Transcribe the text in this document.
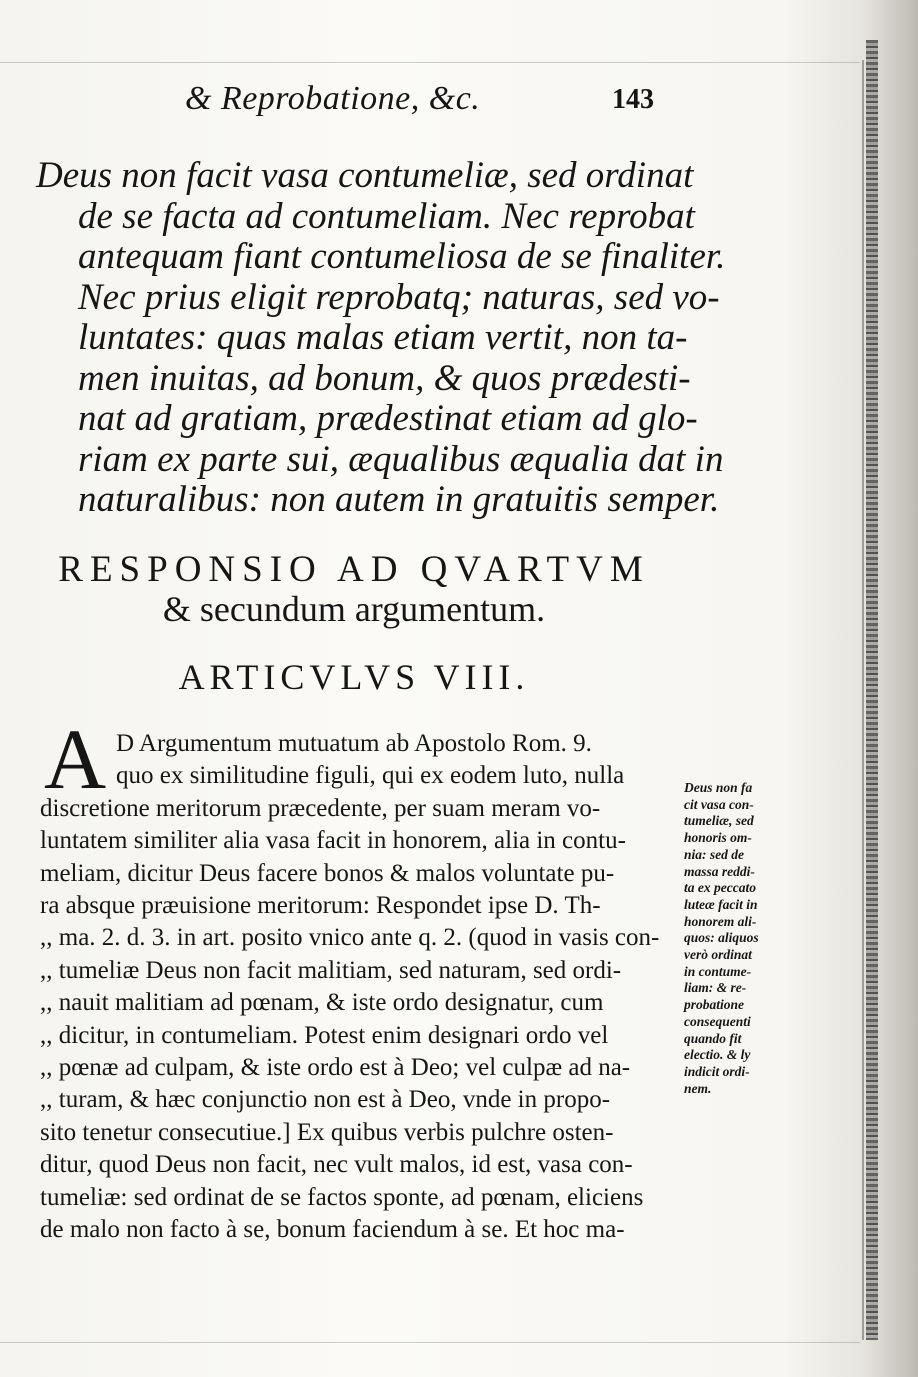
& Reprobatione, &c.	143
Deus non facit vasa contumeliæ, sed ordinat
de se facta ad contumeliam. Nec reprobat
antequam fiant contumeliosa de se finaliter.
Nec prius eligit reprobatq; naturas, sed vo-
luntates: quas malas etiam vertit, non ta-
men inuitas, ad bonum, & quos prædesti-
nat ad gratiam, prædestinat etiam ad glo-
riam ex parte sui, æqualibus æqualia dat in
naturalibus: non autem in gratuitis semper.
RESPONSIO AD QVARTVM
& secundum argumentum.
ARTICVLVS VIII.
A D Argumentum mutuatum ab Apostolo Rom. 9.
quo ex similitudine figuli, qui ex eodem luto, nulla
discretione meritorum præcedente, per suam meram vo-
luntatem similiter alia vasa facit in honorem, alia in contu-
meliam, dicitur Deus facere bonos & malos voluntate pu-
ra absque præuisione meritorum: Respondet ipse D. Th-
,, ma. 2. d. 3. in art. posito vnico ante q. 2. (quod in vasis con-
,, tumeliæ Deus non facit malitiam, sed naturam, sed ordi-
,, nauit malitiam ad pœnam, & iste ordo designatur, cum
,, dicitur, in contumeliam. Potest enim designari ordo vel
,, pœnæ ad culpam, & iste ordo est à Deo; vel culpæ ad na-
,, turam, & hæc conjunctio non est à Deo, vnde in propo-
sito tenetur consecutiue.] Ex quibus verbis pulchre osten-
ditur, quod Deus non facit, nec vult malos, id est, vasa con-
tumeliæ: sed ordinat de se factos sponte, ad pœnam, eliciens
de malo non facto à se, bonum faciendum à se. Et hoc ma-
Deus non fa
cit vasa con-
tumeliæ, sed
honoris om-
nia: sed de
massa reddi-
ta ex peccato
luteæ facit in
honorem ali-
quos: aliquos
verò ordinat
in contume-
liam: & re-
probatione
consequenti
quando fit
electio. & ly
indicit ordi-
nem.
